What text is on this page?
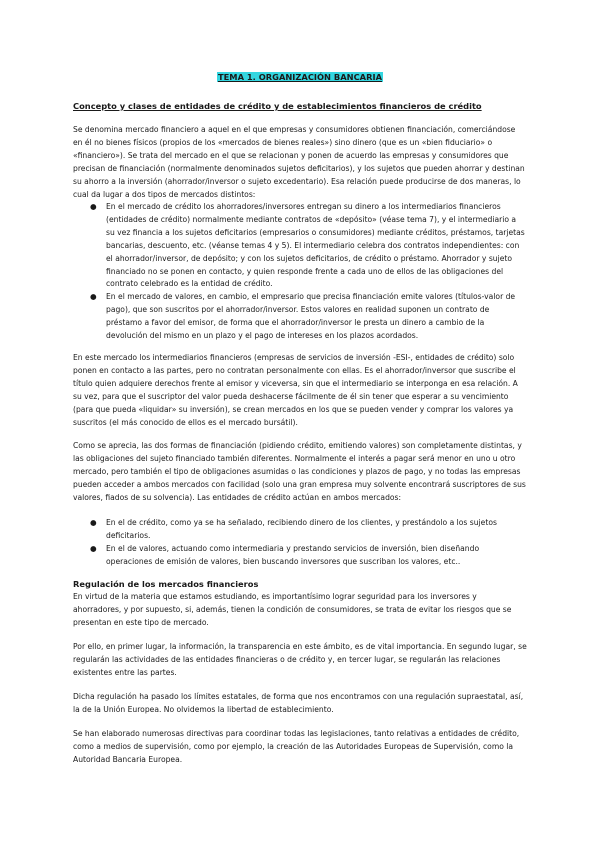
TEMA 1. ORGANIZACIÓN BANCARIA
Concepto y clases de entidades de crédito y de establecimientos financieros de crédito

Se denomina mercado financiero a aquel en el que empresas y consumidores obtienen financiación, comerciándose en él no bienes físicos (propios de los «mercados de bienes reales») sino dinero (que es un «bien fiduciario» o «financiero»). Se trata del mercado en el que se relacionan y ponen de acuerdo las empresas y consumidores que precisan de financiación (normalmente denominados sujetos deficitarios), y los sujetos que pueden ahorrar y destinan su ahorro a la inversión (ahorrador/inversor o sujeto excedentario). Esa relación puede producirse de dos maneras, lo cual da lugar a dos tipos de mercados distintos:

● En el mercado de crédito los ahorradores/inversores entregan su dinero a los intermediarios financieros (entidades de crédito) normalmente mediante contratos de «depósito» (véase tema 7), y el intermediario a su vez financia a los sujetos deficitarios (empresarios o consumidores) mediante créditos, préstamos, tarjetas bancarias, descuento, etc. (véanse temas 4 y 5). El intermediario celebra dos contratos independientes: con el ahorrador/inversor, de depósito; y con los sujetos deficitarios, de crédito o préstamo. Ahorrador y sujeto financiado no se ponen en contacto, y quien responde frente a cada uno de ellos de las obligaciones del contrato celebrado es la entidad de crédito.
● En el mercado de valores, en cambio, el empresario que precisa financiación emite valores (títulos-valor de pago), que son suscritos por el ahorrador/inversor. Estos valores en realidad suponen un contrato de préstamo a favor del emisor, de forma que el ahorrador/inversor le presta un dinero a cambio de la devolución del mismo en un plazo y el pago de intereses en los plazos acordados.

En este mercado los intermediarios financieros (empresas de servicios de inversión -ESI-, entidades de crédito) solo ponen en contacto a las partes, pero no contratan personalmente con ellas. Es el ahorrador/inversor que suscribe el título quien adquiere derechos frente al emisor y viceversa, sin que el intermediario se interponga en esa relación. A su vez, para que el suscriptor del valor pueda deshacerse fácilmente de él sin tener que esperar a su vencimiento (para que pueda «liquidar» su inversión), se crean mercados en los que se pueden vender y comprar los valores ya suscritos (el más conocido de ellos es el mercado bursátil).

Como se aprecia, las dos formas de financiación (pidiendo crédito, emitiendo valores) son completamente distintas, y las obligaciones del sujeto financiado también diferentes. Normalmente el interés a pagar será menor en uno u otro mercado, pero también el tipo de obligaciones asumidas o las condiciones y plazos de pago, y no todas las empresas pueden acceder a ambos mercados con facilidad (solo una gran empresa muy solvente encontrará suscriptores de sus valores, fiados de su solvencia). Las entidades de crédito actúan en ambos mercados:

● En el de crédito, como ya se ha señalado, recibiendo dinero de los clientes, y prestándolo a los sujetos deficitarios.
● En el de valores, actuando como intermediaria y prestando servicios de inversión, bien diseñando operaciones de emisión de valores, bien buscando inversores que suscriban los valores, etc..
Regulación de los mercados financieros

En virtud de la materia que estamos estudiando, es importantísimo lograr seguridad para los inversores y ahorradores, y por supuesto, si, además, tienen la condición de consumidores, se trata de evitar los riesgos que se presentan en este tipo de mercado.

Por ello, en primer lugar, la información, la transparencia en este ámbito, es de vital importancia. En segundo lugar, se regularán las actividades de las entidades financieras o de crédito y, en tercer lugar, se regularán las relaciones existentes entre las partes.

Dicha regulación ha pasado los límites estatales, de forma que nos encontramos con una regulación supraestatal, así, la de la Unión Europea. No olvidemos la libertad de establecimiento.

Se han elaborado numerosas directivas para coordinar todas las legislaciones, tanto relativas a entidades de crédito, como a medios de supervisión, como por ejemplo, la creación de las Autoridades Europeas de Supervisión, como la Autoridad Bancaria Europea.
